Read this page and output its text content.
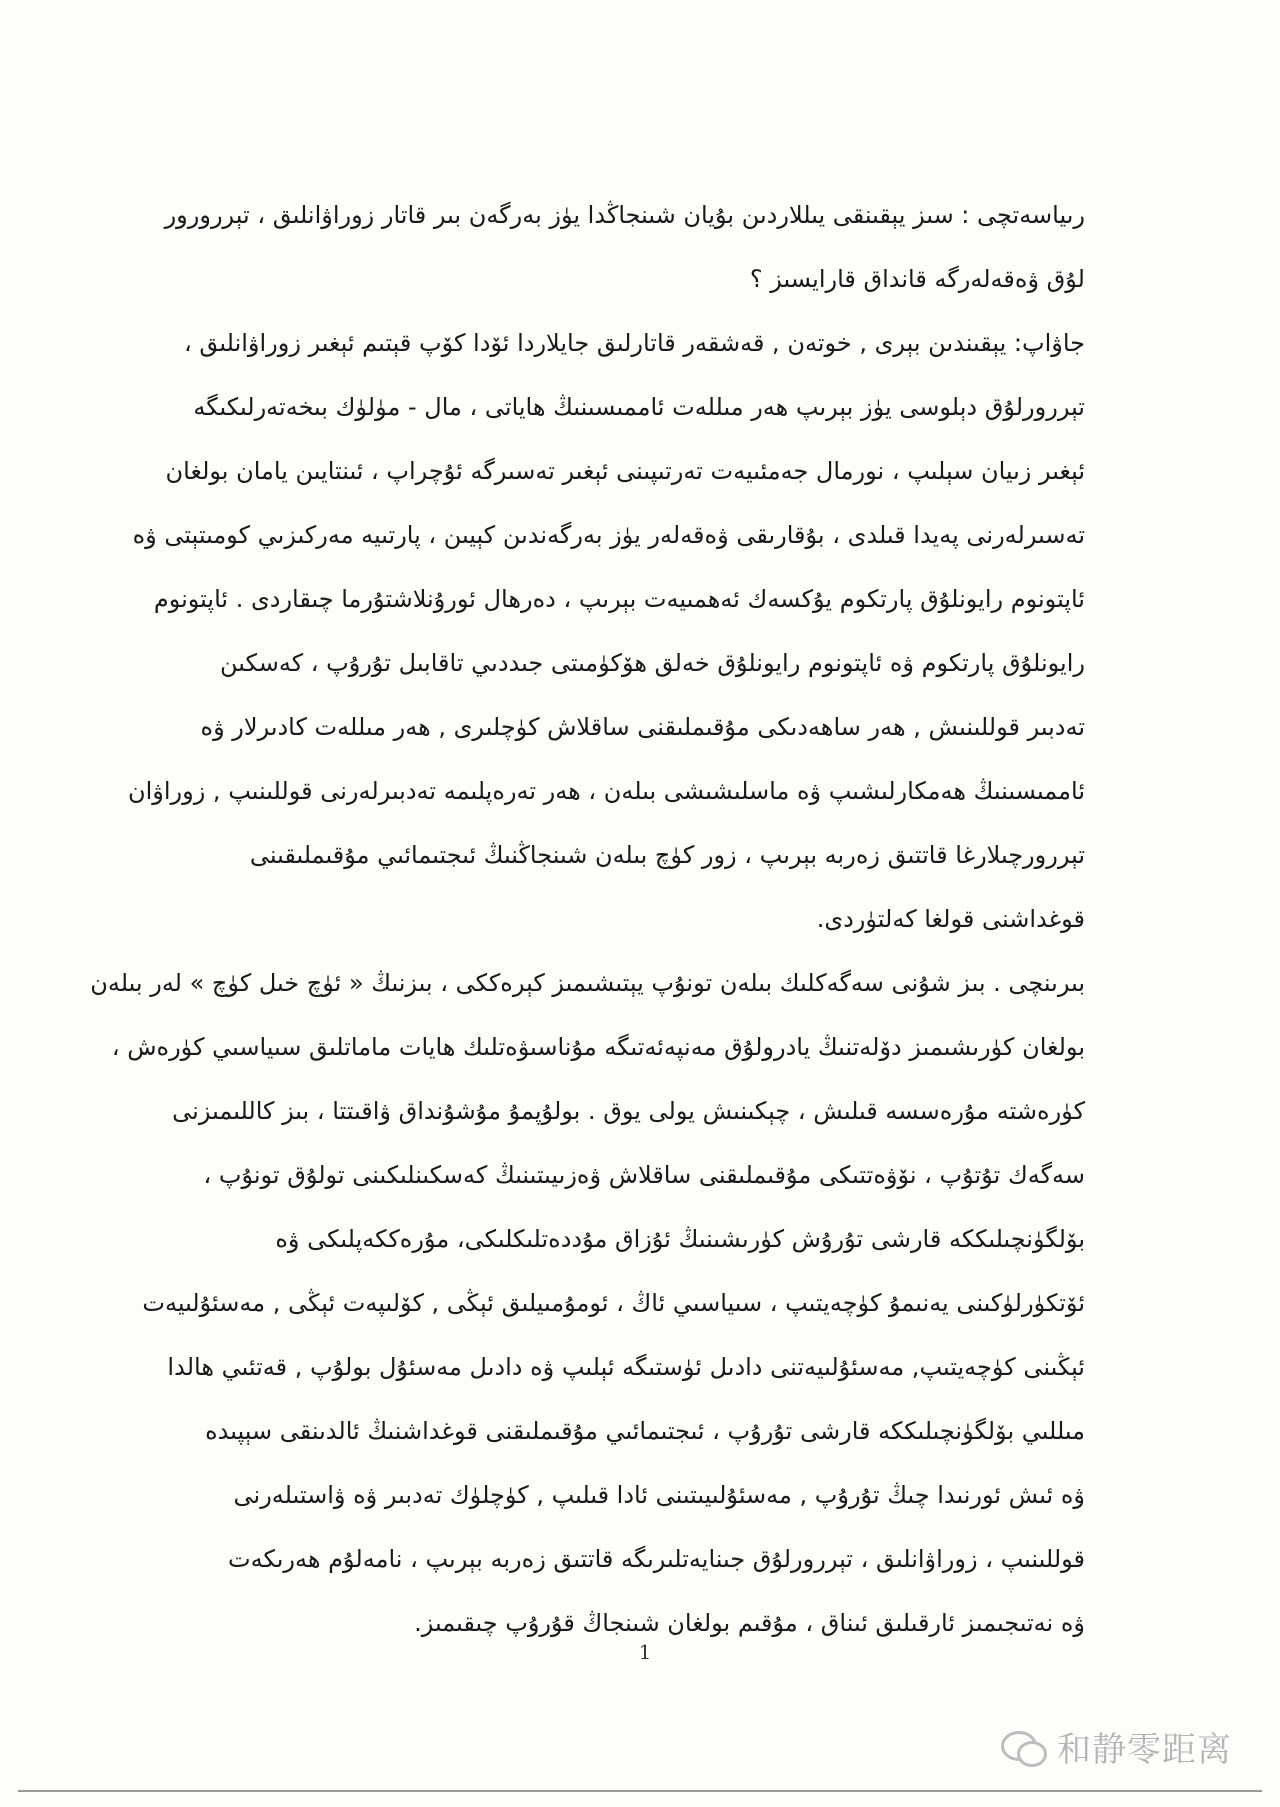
رىياسەتچى : سىز يېقىنقى يىللاردىن بۇيان شىنجاڭدا يۈز بەرگەن بىر قاتار زوراۋانلىق ، تېررورور
لۇق ۋەقەلەرگە قانداق قارايسىز ؟
جاۋاپ: يېقىندىن بېرى , خوتەن , قەشقەر قاتارلىق جايلاردا ئۆدا كۆپ قېتىم ئېغىر زوراۋانلىق ،
تېررورلۇق دېلوسى يۈز بېرىپ ھەر مىللەت ئاممىسىنىڭ ھاياتى ، مال - مۈلۈك بىخەتەرلىكىگە
ئېغىر زىيان سېلىپ ، نورمال جەمئىيەت تەرتىپىنى ئېغىر تەسىرگە ئۇچراپ ، ئىنتايىن يامان بولغان
تەسىرلەرنى پەيدا قىلدى ، بۇقارىقى ۋەقەلەر يۈز بەرگەندىن كېيىن ، پارتىيە مەركىزىي كومىتېتى ۋە
ئاپتونوم رايونلۇق پارتكوم يۇكسەك ئەھمىيەت بېرىپ ، دەرھال ئورۇنلاشتۇرما چىقاردى . ئاپتونوم
رايونلۇق پارتكوم ۋە ئاپتونوم رايونلۇق خەلق ھۆكۈمىتى جىددىي تاقابىل تۇرۇپ ، كەسكىن
تەدبىر قوللىنىش , ھەر ساھەدىكى مۇقىملىقنى ساقلاش كۈچلىرى , ھەر مىللەت كادىرلار ۋە
ئاممىسىنىڭ ھەمكارلىشىپ ۋە ماسلىشىشى بىلەن ، ھەر تەرەپلىمە تەدبىرلەرنى قوللىنىپ , زوراۋان
تېررورچىلارغا قاتتىق زەربە بېرىپ ، زور كۈچ بىلەن شىنجاڭنىڭ ئىجتىمائىي مۇقىملىقىنى
قوغداشنى قولغا كەلتۈردى.
بىرىنچى . بىز شۇنى سەگەكلىك بىلەن تونۇپ يېتىشىمىز كېرەككى ، بىزنىڭ « ئۈچ خىل كۈچ » لەر بىلەن
بولغان كۈرىشىمىز دۆلەتنىڭ يادرولۇق مەنپەئەتىگە مۇناسىۋەتلىك ھايات ماماتلىق سىياسىي كۈرەش ،
كۈرەشتە مۇرەسسە قىلىش ، چېكىنىش يولى يوق . بولۇپمۇ مۇشۇنداق ۋاقىتتا ، بىز كاللىمىزنى
سەگەك تۇتۇپ ، نۆۋەتتىكى مۇقىملىقنى ساقلاش ۋەزىيىتىنىڭ كەسكىنلىكىنى تولۇق تونۇپ ،
بۆلگۈنچىلىككە قارشى تۇرۇش كۈرىشىنىڭ ئۇزاق مۇددەتلىكلىكى، مۇرەككەپلىكى ۋە
ئۆتكۈرلۈكىنى يەنىمۇ كۈچەيتىپ ، سىياسىي ئاڭ ، ئومۇمىيلىق ئېڭى , كۆلىپەت ئېڭى , مەسئۇلىيەت
ئېڭىنى كۈچەيتىپ, مەسئۇلىيەتنى دادىل ئۈستىگە ئېلىپ ۋە دادىل مەسئۇل بولۇپ , قەتئىي ھالدا
مىللىي بۆلگۈنچىلىككە قارشى تۇرۇپ ، ئىجتىمائىي مۇقىملىقنى قوغداشنىڭ ئالدىنقى سېپىدە
ۋە ئىش ئورنىدا چىڭ تۇرۇپ , مەسئۇلىيىتىنى ئادا قىلىپ , كۈچلۈك تەدبىر ۋە ۋاستىلەرنى
قوللىنىپ ، زوراۋانلىق ، تېررورلۇق جىنايەتلىرىگە قاتتىق زەربە بېرىپ ، نامەلۇم ھەرىكەت
ۋە نەتىجىمىز ئارقىلىق ئىناق ، مۇقىم بولغان شىنجاڭ قۇرۇپ چىقىمىز.
1
和静零距离
